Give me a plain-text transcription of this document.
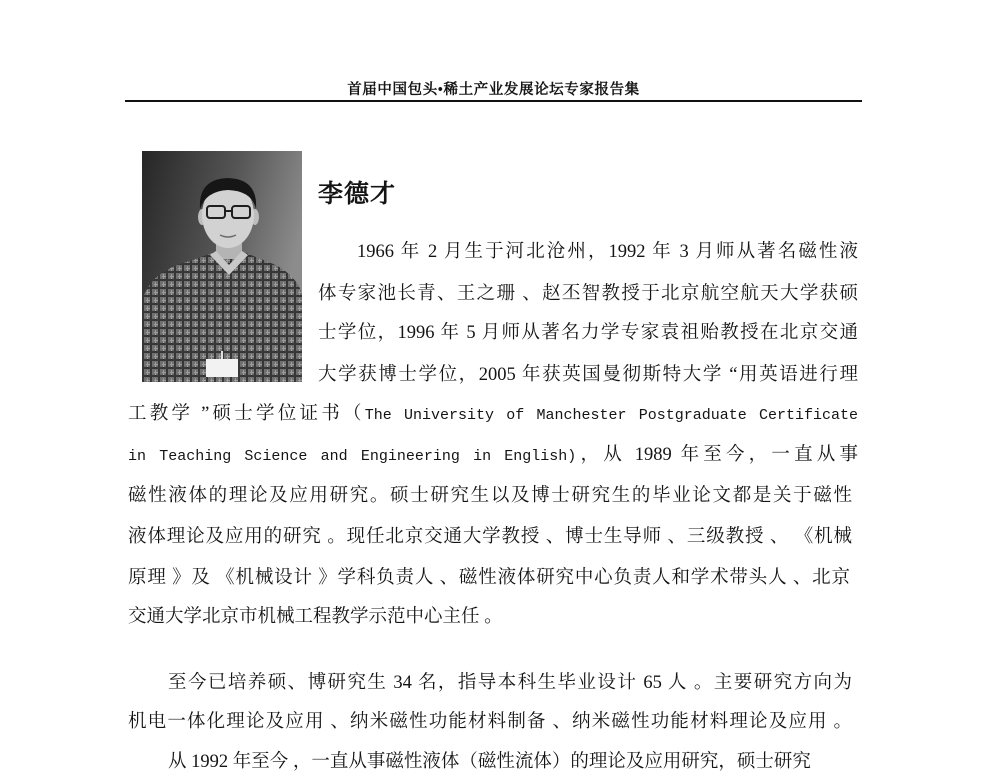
首届中国包头•稀土产业发展论坛专家报告集
李德才
1966 年 2 月生于河北沧州，1992 年 3 月师从著名磁性液
体专家池长青、王之珊 、赵丕智教授于北京航空航天大学获硕
士学位，1996 年 5 月师从著名力学专家袁祖贻教授在北京交通
大学获博士学位，2005 年获英国曼彻斯特大学 “用英语进行理
工教学 ”硕士学位证书（The University of Manchester Postgraduate Certificate
in Teaching Science and Engineering in English)，从 1989 年至今，一直从事
磁性液体的理论及应用研究。硕士研究生以及博士研究生的毕业论文都是关于磁性
液体理论及应用的研究 。现任北京交通大学教授 、博士生导师 、三级教授 、 《机械
原理 》及 《机械设计 》学科负责人 、磁性液体研究中心负责人和学术带头人 、北京
交通大学北京市机械工程教学示范中心主任 。
至今已培养硕、博研究生 34 名，指导本科生毕业设计 65 人 。主要研究方向为
机电一体化理论及应用 、纳米磁性功能材料制备 、纳米磁性功能材料理论及应用 。
从 1992 年至今 ，一直从事磁性液体（磁性流体）的理论及应用研究，硕士研究
